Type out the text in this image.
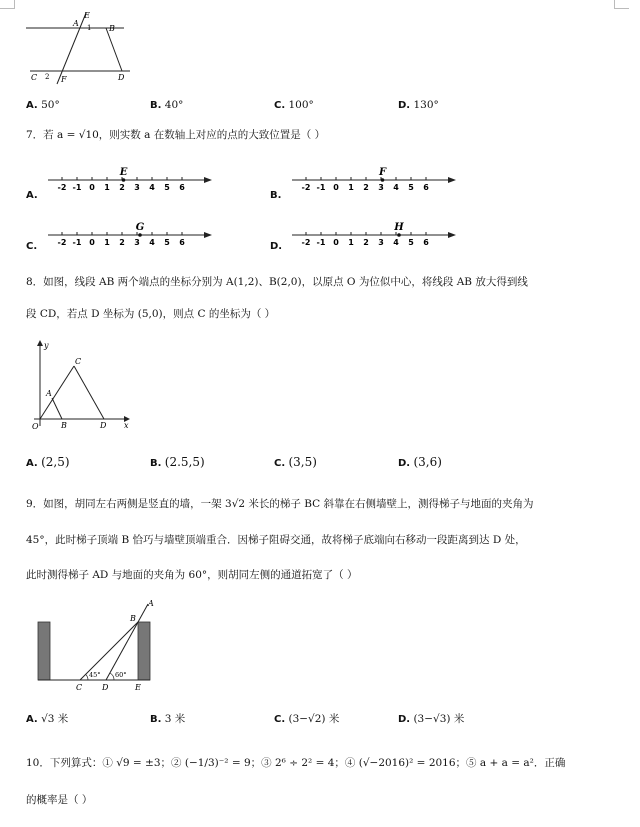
A
E
B
C	F	D
1
2
A. 50°	B. 40°	C. 100°	D. 130°
7．若 a = √10，则实数 a 在数轴上对应的点的大致位置是（ ）
A.	B.
C.	D.
-2 -1 0 1 2 3 4 5 6
E
-2 -1 0 1 2 3 4 5 6
F
-2 -1 0 1 2 3 4 5 6
G
-2 -1 0 1 2 3 4 5 6
H
8．如图，线段 AB 两个端点的坐标分别为 A(1,2)、B(2,0)，以原点 O 为位似中心，将线段 AB 放大得到线
段 CD，若点 D 坐标为 (5,0)，则点 C 的坐标为（ ）
y
C
A
O	B	D x
A. (2,5)	B. (2.5,5)	C. (3,5)	D. (3,6)
9．如图，胡同左右两侧是竖直的墙，一架 3√2 米长的梯子 BC 斜靠在右侧墙壁上，测得梯子与地面的夹角为
45°，此时梯子顶端 B 恰巧与墙壁顶端重合．因梯子阻碍交通，故将梯子底端向右移动一段距离到达 D 处，
此时测得梯子 AD 与地面的夹角为 60°，则胡同左侧的通道拓宽了（ ）
A
B
C D	E
45° 60°
A. √3 米	B. 3 米	C. (3−√2) 米	D. (3−√3) 米
10．下列算式：① √9 = ±3；② (−1/3)⁻² = 9；③ 2⁶ ÷ 2² = 4；④ (√−2016)² = 2016；⑤ a + a = a²．正确
的概率是（ ）
